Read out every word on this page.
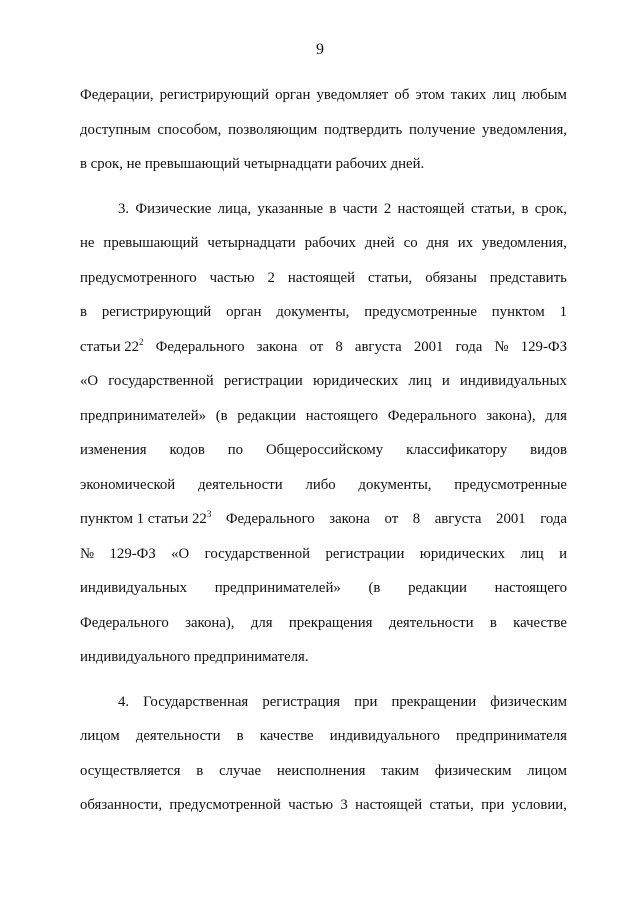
9
Федерации, регистрирующий орган уведомляет об этом таких лиц любым
доступным способом, позволяющим подтвердить получение уведомления,
в срок, не превышающий четырнадцати рабочих дней.
3. Физические лица, указанные в части 2 настоящей статьи, в срок,
не превышающий четырнадцати рабочих дней со дня их уведомления,
предусмотренного частью 2 настоящей статьи, обязаны представить
в регистрирующий орган документы, предусмотренные пунктом 1
статьи $22^2$ Федерального закона от 8 августа 2001 года № 129-ФЗ
«О государственной регистрации юридических лиц и индивидуальных
предпринимателей» (в редакции настоящего Федерального закона), для
изменения кодов по Общероссийскому классификатору видов
экономической деятельности либо документы, предусмотренные
пунктом 1 статьи $22^3$ Федерального закона от 8 августа 2001 года
№ 129-ФЗ «О государственной регистрации юридических лиц и
индивидуальных предпринимателей» (в редакции настоящего
Федерального закона), для прекращения деятельности в качестве
индивидуального предпринимателя.
4. Государственная регистрация при прекращении физическим
лицом деятельности в качестве индивидуального предпринимателя
осуществляется в случае неисполнения таким физическим лицом
обязанности, предусмотренной частью 3 настоящей статьи, при условии,
